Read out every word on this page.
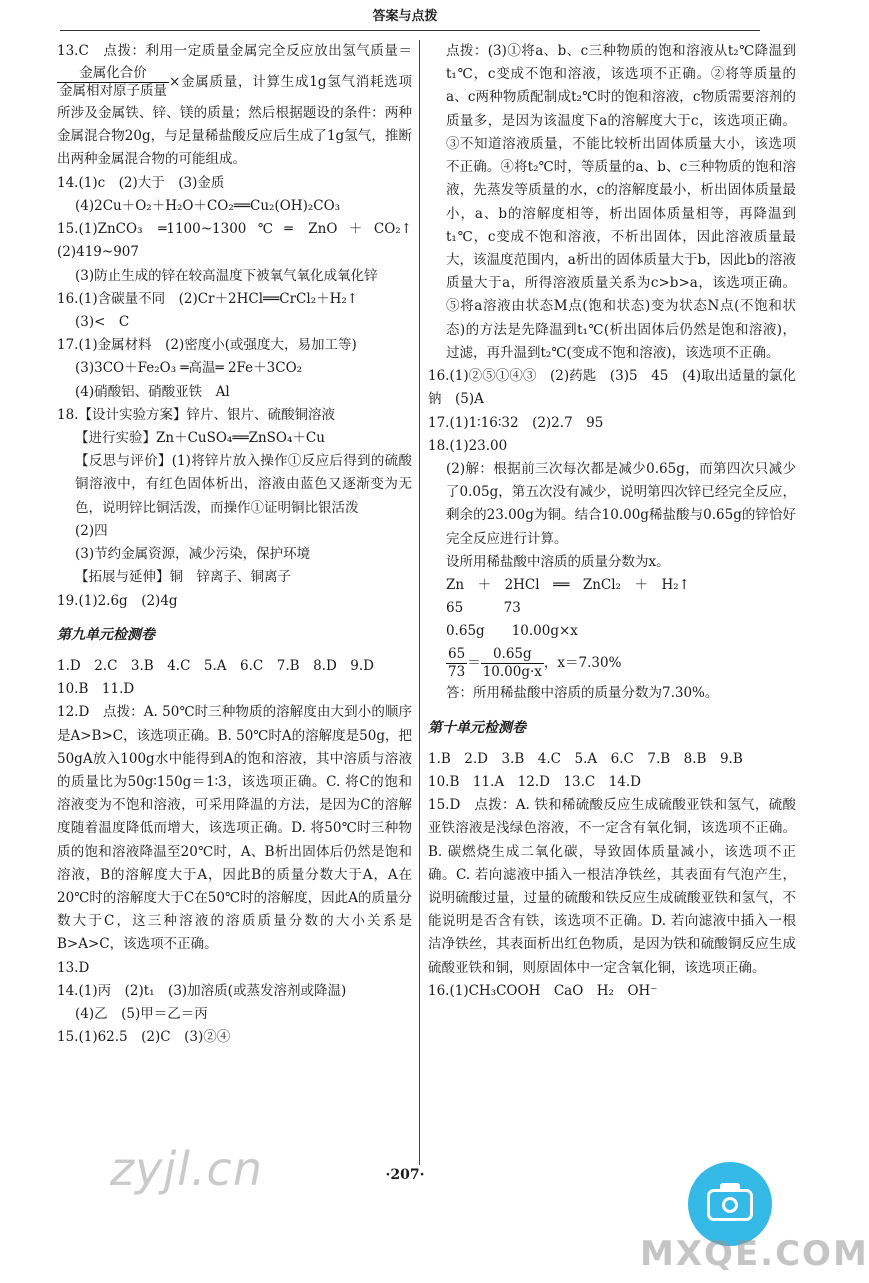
答案与点拨

13.C　点拨：利用一定质量金属完全反应放出氢气质量＝
$\frac{\text{金属化合价}}{\text{金属相对原子质量}}$ ×金属质量，计算生成1g氢气消耗选项所涉及金属铁、锌、镁的质量；然后根据题设的条件：两种金属混合物20g，与足量稀盐酸反应后生成了1g氢气，推断出两种金属混合物的可能组成。

14.(1)c　(2)大于　(3)金质

(4)2Cu＋O₂＋H₂O＋CO₂══Cu₂(OH)₂CO₃

15.(1)ZnCO₃ ═1100~1300℃═ ZnO＋CO₂↑　(2)419~907

(3)防止生成的锌在较高温度下被氧气氧化成氧化锌

16.(1)含碳量不同　(2)Cr＋2HCl══CrCl₂＋H₂↑

(3)<　C

17.(1)金属材料　(2)密度小(或强度大，易加工等)

(3)3CO＋Fe₂O₃ ═高温═ 2Fe＋3CO₂

(4)硝酸铝、硝酸亚铁　Al

18.【设计实验方案】锌片、银片、硫酸铜溶液

【进行实验】Zn＋CuSO₄══ZnSO₄＋Cu

【反思与评价】(1)将锌片放入操作①反应后得到的硫酸铜溶液中，有红色固体析出，溶液由蓝色又逐渐变为无色，说明锌比铜活泼，而操作①证明铜比银活泼

(2)四

(3)节约金属资源，减少污染，保护环境

【拓展与延伸】铜　锌离子、铜离子

19.(1)2.6g　(2)4g

第九单元检测卷

1.D　2.C　3.B　4.C　5.A　6.C　7.B　8.D　9.D

10.B　11.D

12.D　点拨：A. 50℃时三种物质的溶解度由大到小的顺序是A>B>C，该选项正确。B. 50℃时A的溶解度是50g，把50gA放入100g水中能得到A的饱和溶液，其中溶质与溶液的质量比为50g∶150g＝1∶3，该选项正确。C. 将C的饱和溶液变为不饱和溶液，可采用降温的方法，是因为C的溶解度随着温度降低而增大，该选项正确。D. 将50℃时三种物质的饱和溶液降温至20℃时，A、B析出固体后仍然是饱和溶液，B的溶解度大于A，因此B的质量分数大于A，A在20℃时的溶解度大于C在50℃时的溶解度，因此A的质量分数大于C，这三种溶液的溶质质量分数的大小关系是B>A>C，该选项不正确。

13.D

14.(1)丙　(2)t₁　(3)加溶质(或蒸发溶剂或降温)

(4)乙　(5)甲＝乙＝丙

15.(1)62.5　(2)C　(3)②④

点拨：(3)①将a、b、c三种物质的饱和溶液从t₂℃降温到t₁℃，c变成不饱和溶液，该选项不正确。②将等质量的a、c两种物质配制成t₂℃时的饱和溶液，c物质需要溶剂的质量多，是因为该温度下a的溶解度大于c，该选项正确。③不知道溶液质量，不能比较析出固体质量大小，该选项不正确。④将t₂℃时，等质量的a、b、c三种物质的饱和溶液，先蒸发等质量的水，c的溶解度最小，析出固体质量最小，a、b的溶解度相等，析出固体质量相等，再降温到t₁℃，c变成不饱和溶液，不析出固体，因此溶液质量最大，该温度范围内，a析出的固体质量大于b，因此b的溶液质量大于a，所得溶液质量关系为c>b>a，该选项正确。⑤将a溶液由状态M点(饱和状态)变为状态N点(不饱和状态)的方法是先降温到t₁℃(析出固体后仍然是饱和溶液)，过滤，再升温到t₂℃(变成不饱和溶液)，该选项不正确。

16.(1)②⑤①④③　(2)药匙　(3)5　45　(4)取出适量的氯化钠　(5)A

17.(1)1∶16∶32　(2)2.7　95

18.(1)23.00

(2)解：根据前三次每次都是减少0.65g，而第四次只减少了0.05g，第五次没有减少，说明第四次锌已经完全反应，剩余的23.00g为铜。结合10.00g稀盐酸与0.65g的锌恰好完全反应进行计算。

设所用稀盐酸中溶质的质量分数为x。

Zn　＋　2HCl　══　ZnCl₂　＋　H₂↑

65　　　73

0.65g　　10.00g×x

$\frac{65}{73} = \frac{0.65g}{10.00g\cdot x}$ ，x＝7.30%

答：所用稀盐酸中溶质的质量分数为7.30%。

第十单元检测卷

1.B　2.D　3.B　4.C　5.A　6.C　7.B　8.B　9.B

10.B　11.A　12.D　13.C　14.D

15.D　点拨：A. 铁和稀硫酸反应生成硫酸亚铁和氢气，硫酸亚铁溶液是浅绿色溶液，不一定含有氧化铜，该选项不正确。B. 碳燃烧生成二氧化碳，导致固体质量减小，该选项不正确。C. 若向滤液中插入一根洁净铁丝，其表面有气泡产生，说明硫酸过量，过量的硫酸和铁反应生成硫酸亚铁和氢气，不能说明是否含有铁，该选项不正确。D. 若向滤液中插入一根洁净铁丝，其表面析出红色物质，是因为铁和硫酸铜反应生成硫酸亚铁和铜，则原固体中一定含氧化铜，该选项正确。

16.(1)CH₃COOH　CaO　H₂　OH⁻

·207·
zyjl.cn
MXQE.COM
